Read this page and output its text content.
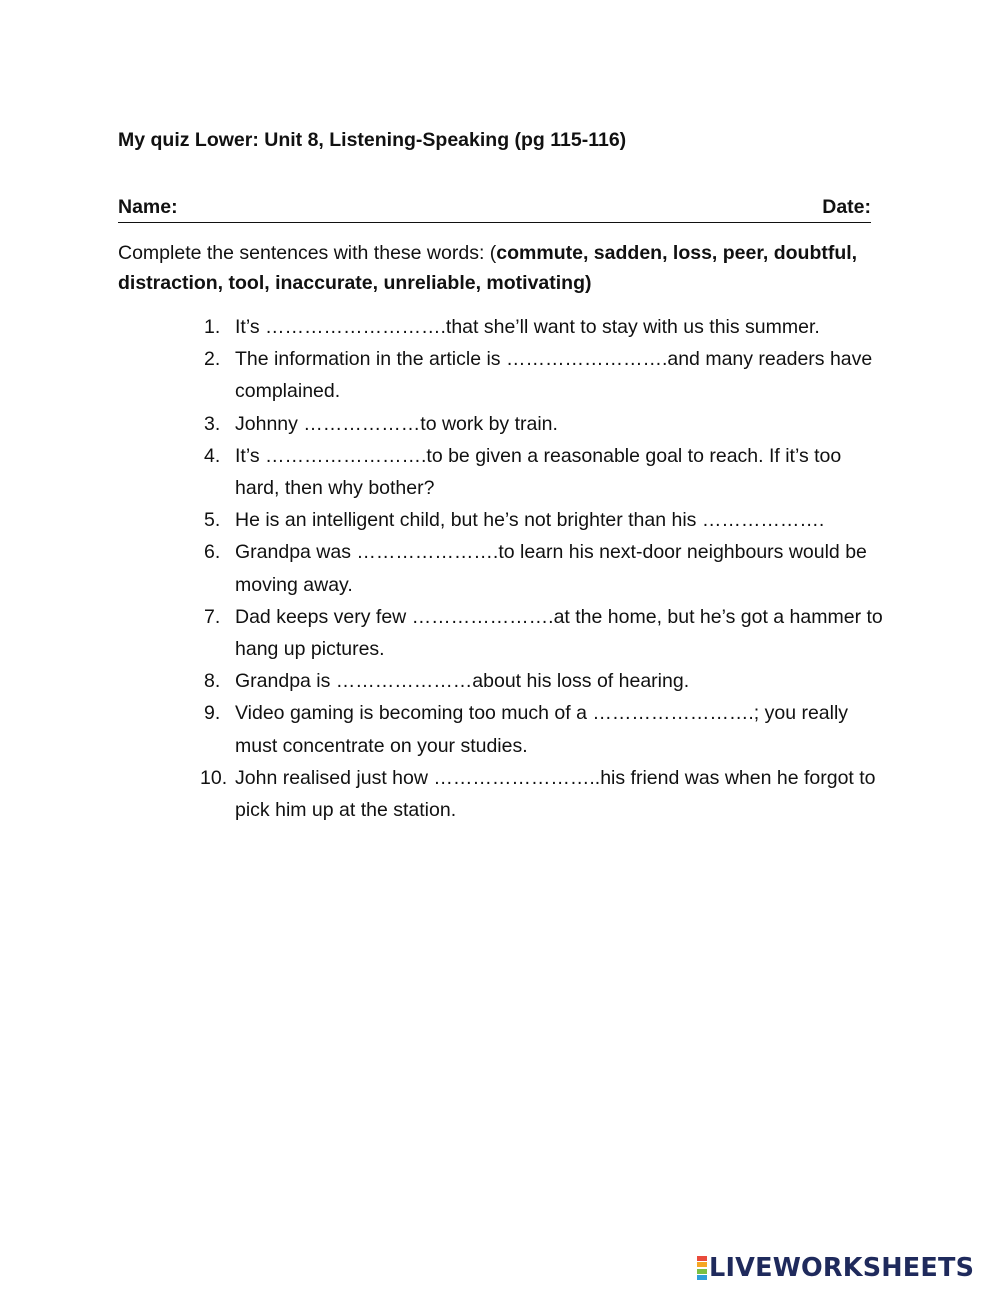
My quiz Lower: Unit 8, Listening-Speaking (pg 115-116)
Name:	Date:
Complete the sentences with these words: (commute, sadden, loss, peer, doubtful, distraction, tool, inaccurate, unreliable, motivating)
1. It’s ……………………….that she’ll want to stay with us this summer.
2. The information in the article is …………………….and many readers have complained.
3. Johnny ………………to work by train.
4. It’s …………………….to be given a reasonable goal to reach. If it’s too hard, then why bother?
5. He is an intelligent child, but he’s not brighter than his ……………….
6. Grandpa was ………………….to learn his next-door neighbours would be moving away.
7. Dad keeps very few ………………….at the home, but he’s got a hammer to hang up pictures.
8. Grandpa is …………………about his loss of hearing.
9. Video gaming is becoming too much of a …………………….; you really must concentrate on your studies.
10. John realised just how ……………………..his friend was when he forgot to pick him up at the station.
LIVEWORKSHEETS
